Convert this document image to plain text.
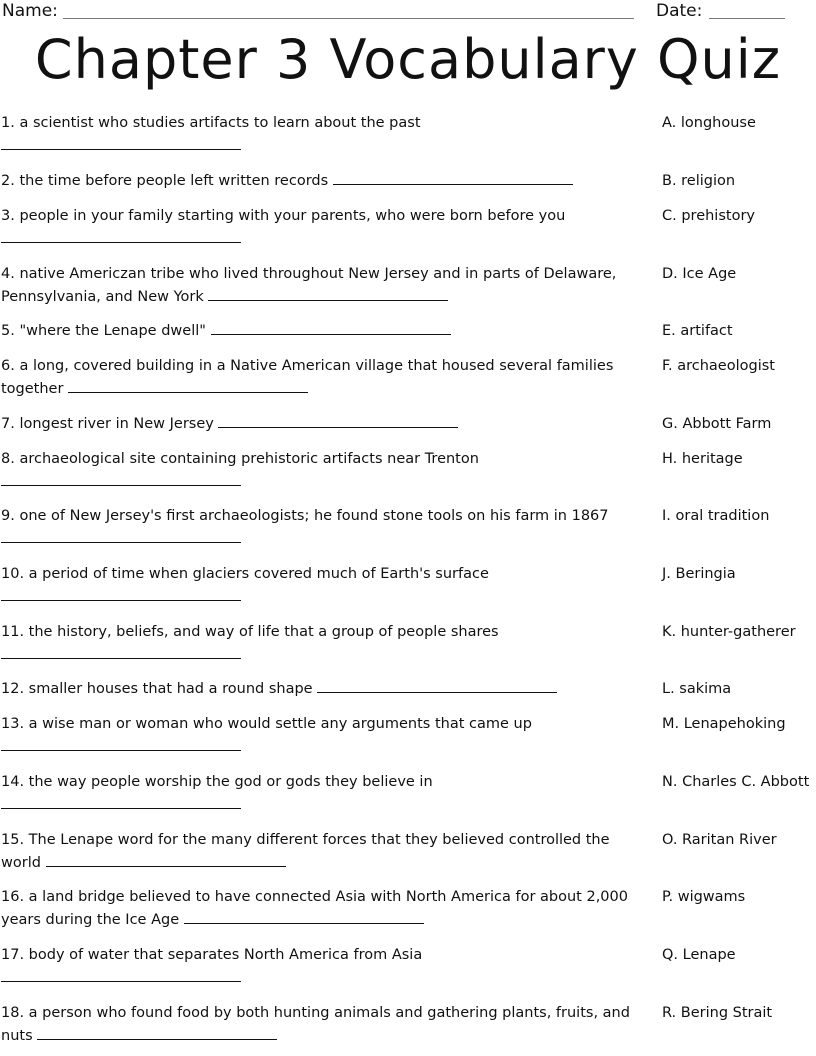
Name:	Date:
Chapter 3 Vocabulary Quiz
1. a scientist who studies artifacts to learn about the past

2. the time before people left written records
3. people in your family starting with your parents, who were born before you

4. native Americzan tribe who lived throughout New Jersey and in parts of Delaware, Pennsylvania, and New York
5. "where the Lenape dwell"
6. a long, covered building in a Native American village that housed several families together
7. longest river in New Jersey
8. archaeological site containing prehistoric artifacts near Trenton

9. one of New Jersey's first archaeologists; he found stone tools on his farm in 1867

10. a period of time when glaciers covered much of Earth's surface

11. the history, beliefs, and way of life that a group of people shares

12. smaller houses that had a round shape
13. a wise man or woman who would settle any arguments that came up

14. the way people worship the god or gods they believe in

15. The Lenape word for the many different forces that they believed controlled the world
16. a land bridge believed to have connected Asia with North America for about 2,000 years during the Ice Age
17. body of water that separates North America from Asia

18. a person who found food by both hunting animals and gathering plants, fruits, and nuts
A. longhouse
B. religion
C. prehistory
D. Ice Age
E. artifact
F. archaeologist
G. Abbott Farm
H. heritage
I. oral tradition
J. Beringia
K. hunter-gatherer
L. sakima
M. Lenapehoking
N. Charles C. Abbott
O. Raritan River
P. wigwams
Q. Lenape
R. Bering Strait
